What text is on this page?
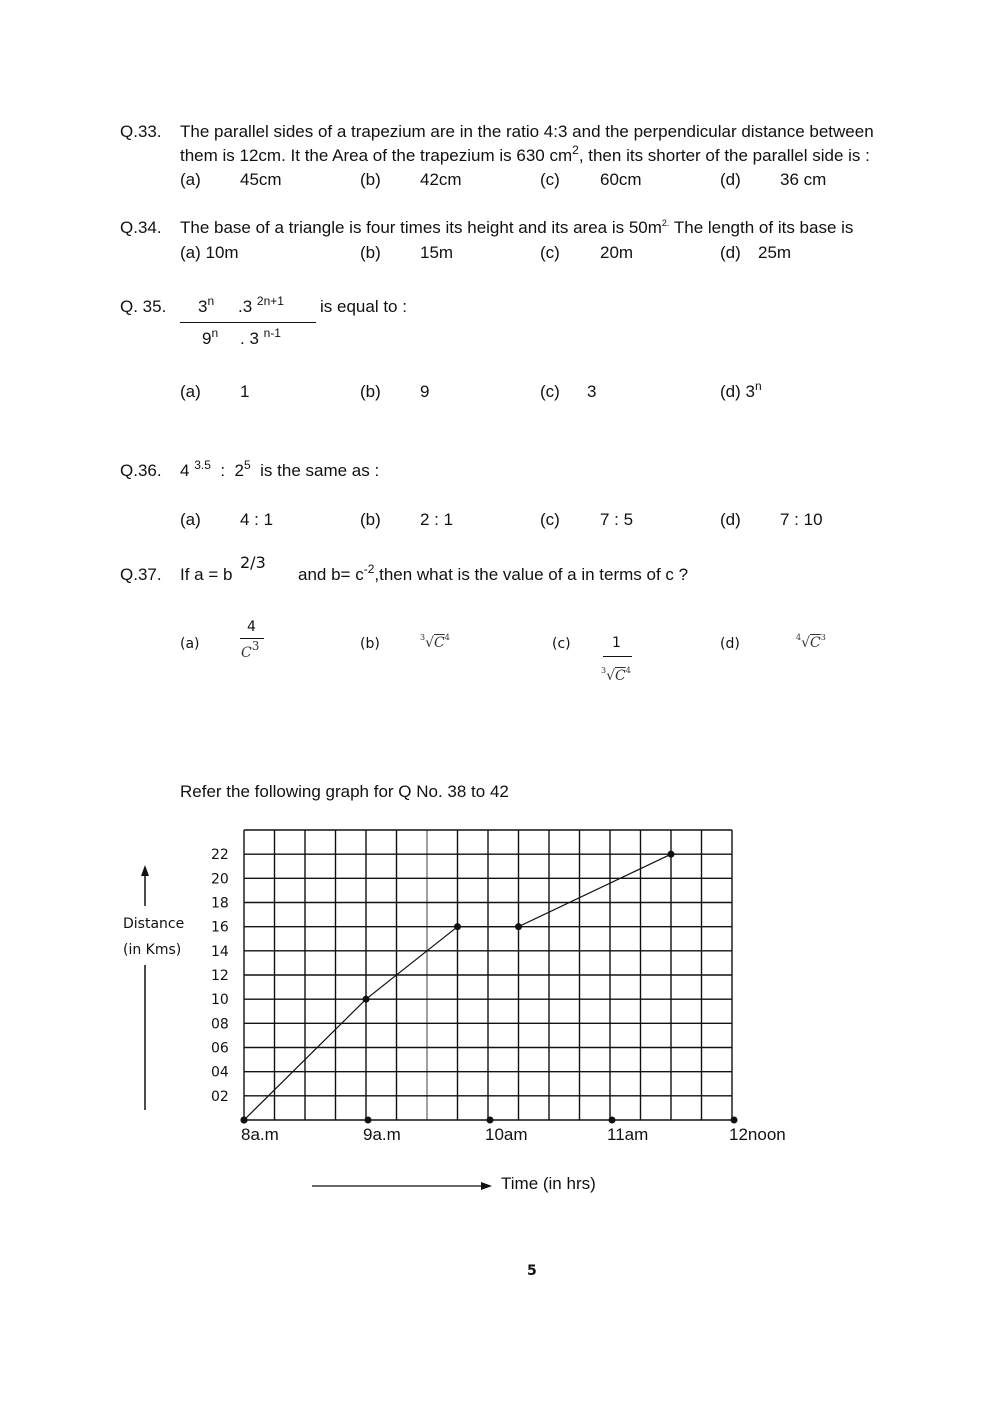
Q.33. The parallel sides of a trapezium are in the ratio 4:3 and the perpendicular distance between
them is 12cm. It the Area of the trapezium is 630 $cm^2$, then its shorter of the parallel side is :
(a) 45cm	(b) 42cm	(c) 60cm	(d) 36 cm
Q.34. The base of a triangle is four times its height and its area is $50m^{2.}$ The length of its base is
(a) 10m	(b) 15m	(c) 20m	(d) 25m
Q. 35. 3$^n$ .3 $^{2n+1}$
9$^n$ . 3 $^{n-1}$
is equal to :
(a) 1	(b) 9	(c) 3	(d) 3$^n$
Q.36. 4 $^{3.5}$ : $2^5$ is the same as :
(a) 4 : 1	(b) 2 : 1	(c) 7 : 5	(d) 7 : 10
Q.37. If a = b
2/3
and $b= c^{-2},then$ what is the value of a in terms of c ?
(a)
4
$C^3$	(b)	$^3√C^4$	(c)	1
$^3√C^4$
(d)	$^4√C^3$
Refer the following graph for Q No. 38 to 42
22
20
18
16
14
12
10
08
06
04
02
8a.m	9a.m	10am	11am	12noon
Distance
(in Kms)
Time (in hrs)
5
